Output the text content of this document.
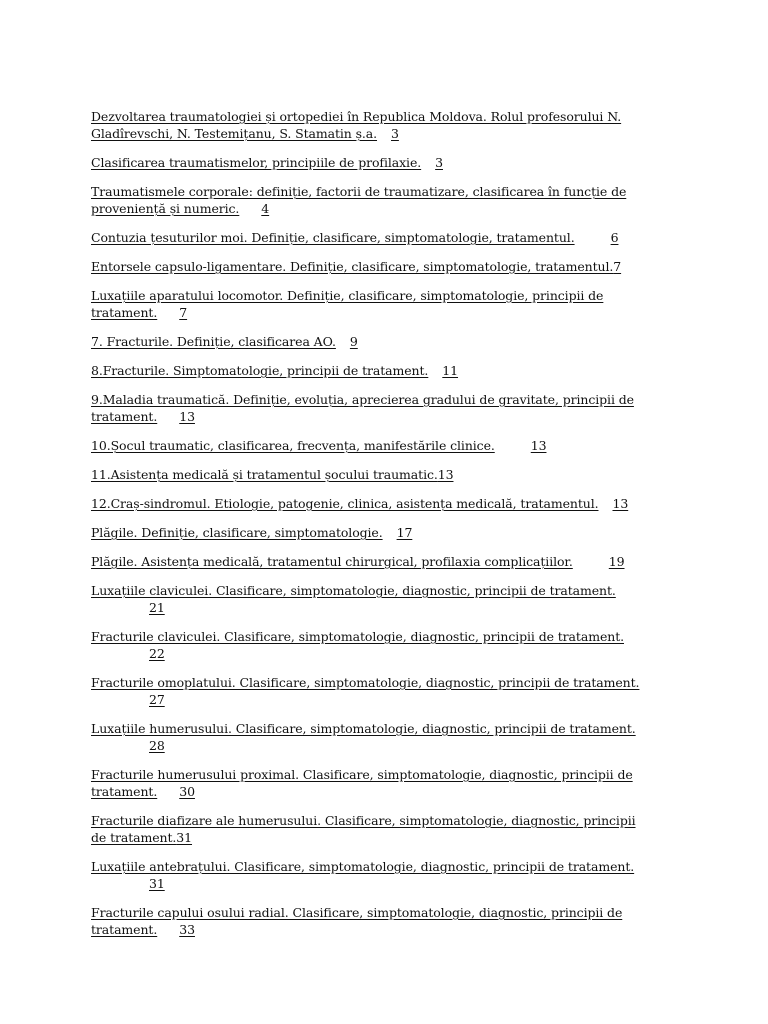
Dezvoltarea traumatologiei și ortopediei în Republica Moldova. Rolul profesorului N.
Gladîrevschi, N. Testemițanu, S. Stamatin ș.a. 3
Clasificarea traumatismelor, principiile de profilaxie. 3
Traumatismele corporale: definiție, factorii de traumatizare, clasificarea în funcție de
proveniență și numeric. 4
Contuzia țesuturilor moi. Definiție, clasificare, simptomatologie, tratamentul.	6
Entorsele capsulo-ligamentare. Definiție, clasificare, simptomatologie, tratamentul.7
Luxațiile aparatului locomotor. Definiție, clasificare, simptomatologie, principii de
tratament. 7
7. Fracturile. Definiție, clasificarea AO. 9
8.Fracturile. Simptomatologie, principii de tratament. 11
9.Maladia traumatică. Definiție, evoluția, aprecierea gradului de gravitate, principii de
tratament. 13
10.Șocul traumatic, clasificarea, frecvența, manifestările clinice.	13
11.Asistența medicală și tratamentul șocului traumatic.13
12.Craș-sindromul. Etiologie, patogenie, clinica, asistența medicală, tratamentul. 13
Plăgile. Definiție, clasificare, simptomatologie. 17
Plăgile. Asistența medicală, tratamentul chirurgical, profilaxia complicațiilor.	19
Luxațiile claviculei. Clasificare, simptomatologie, diagnostic, principii de tratament.
21
Fracturile claviculei. Clasificare, simptomatologie, diagnostic, principii de tratament.
22
Fracturile omoplatului. Clasificare, simptomatologie, diagnostic, principii de tratament.
27
Luxațiile humerusului. Clasificare, simptomatologie, diagnostic, principii de tratament.
28
Fracturile humerusului proximal. Clasificare, simptomatologie, diagnostic, principii de
tratament. 30
Fracturile diafizare ale humerusului. Clasificare, simptomatologie, diagnostic, principii
de tratament.31
Luxațiile antebrațului. Clasificare, simptomatologie, diagnostic, principii de tratament.
31
Fracturile capului osului radial. Clasificare, simptomatologie, diagnostic, principii de
tratament. 33
